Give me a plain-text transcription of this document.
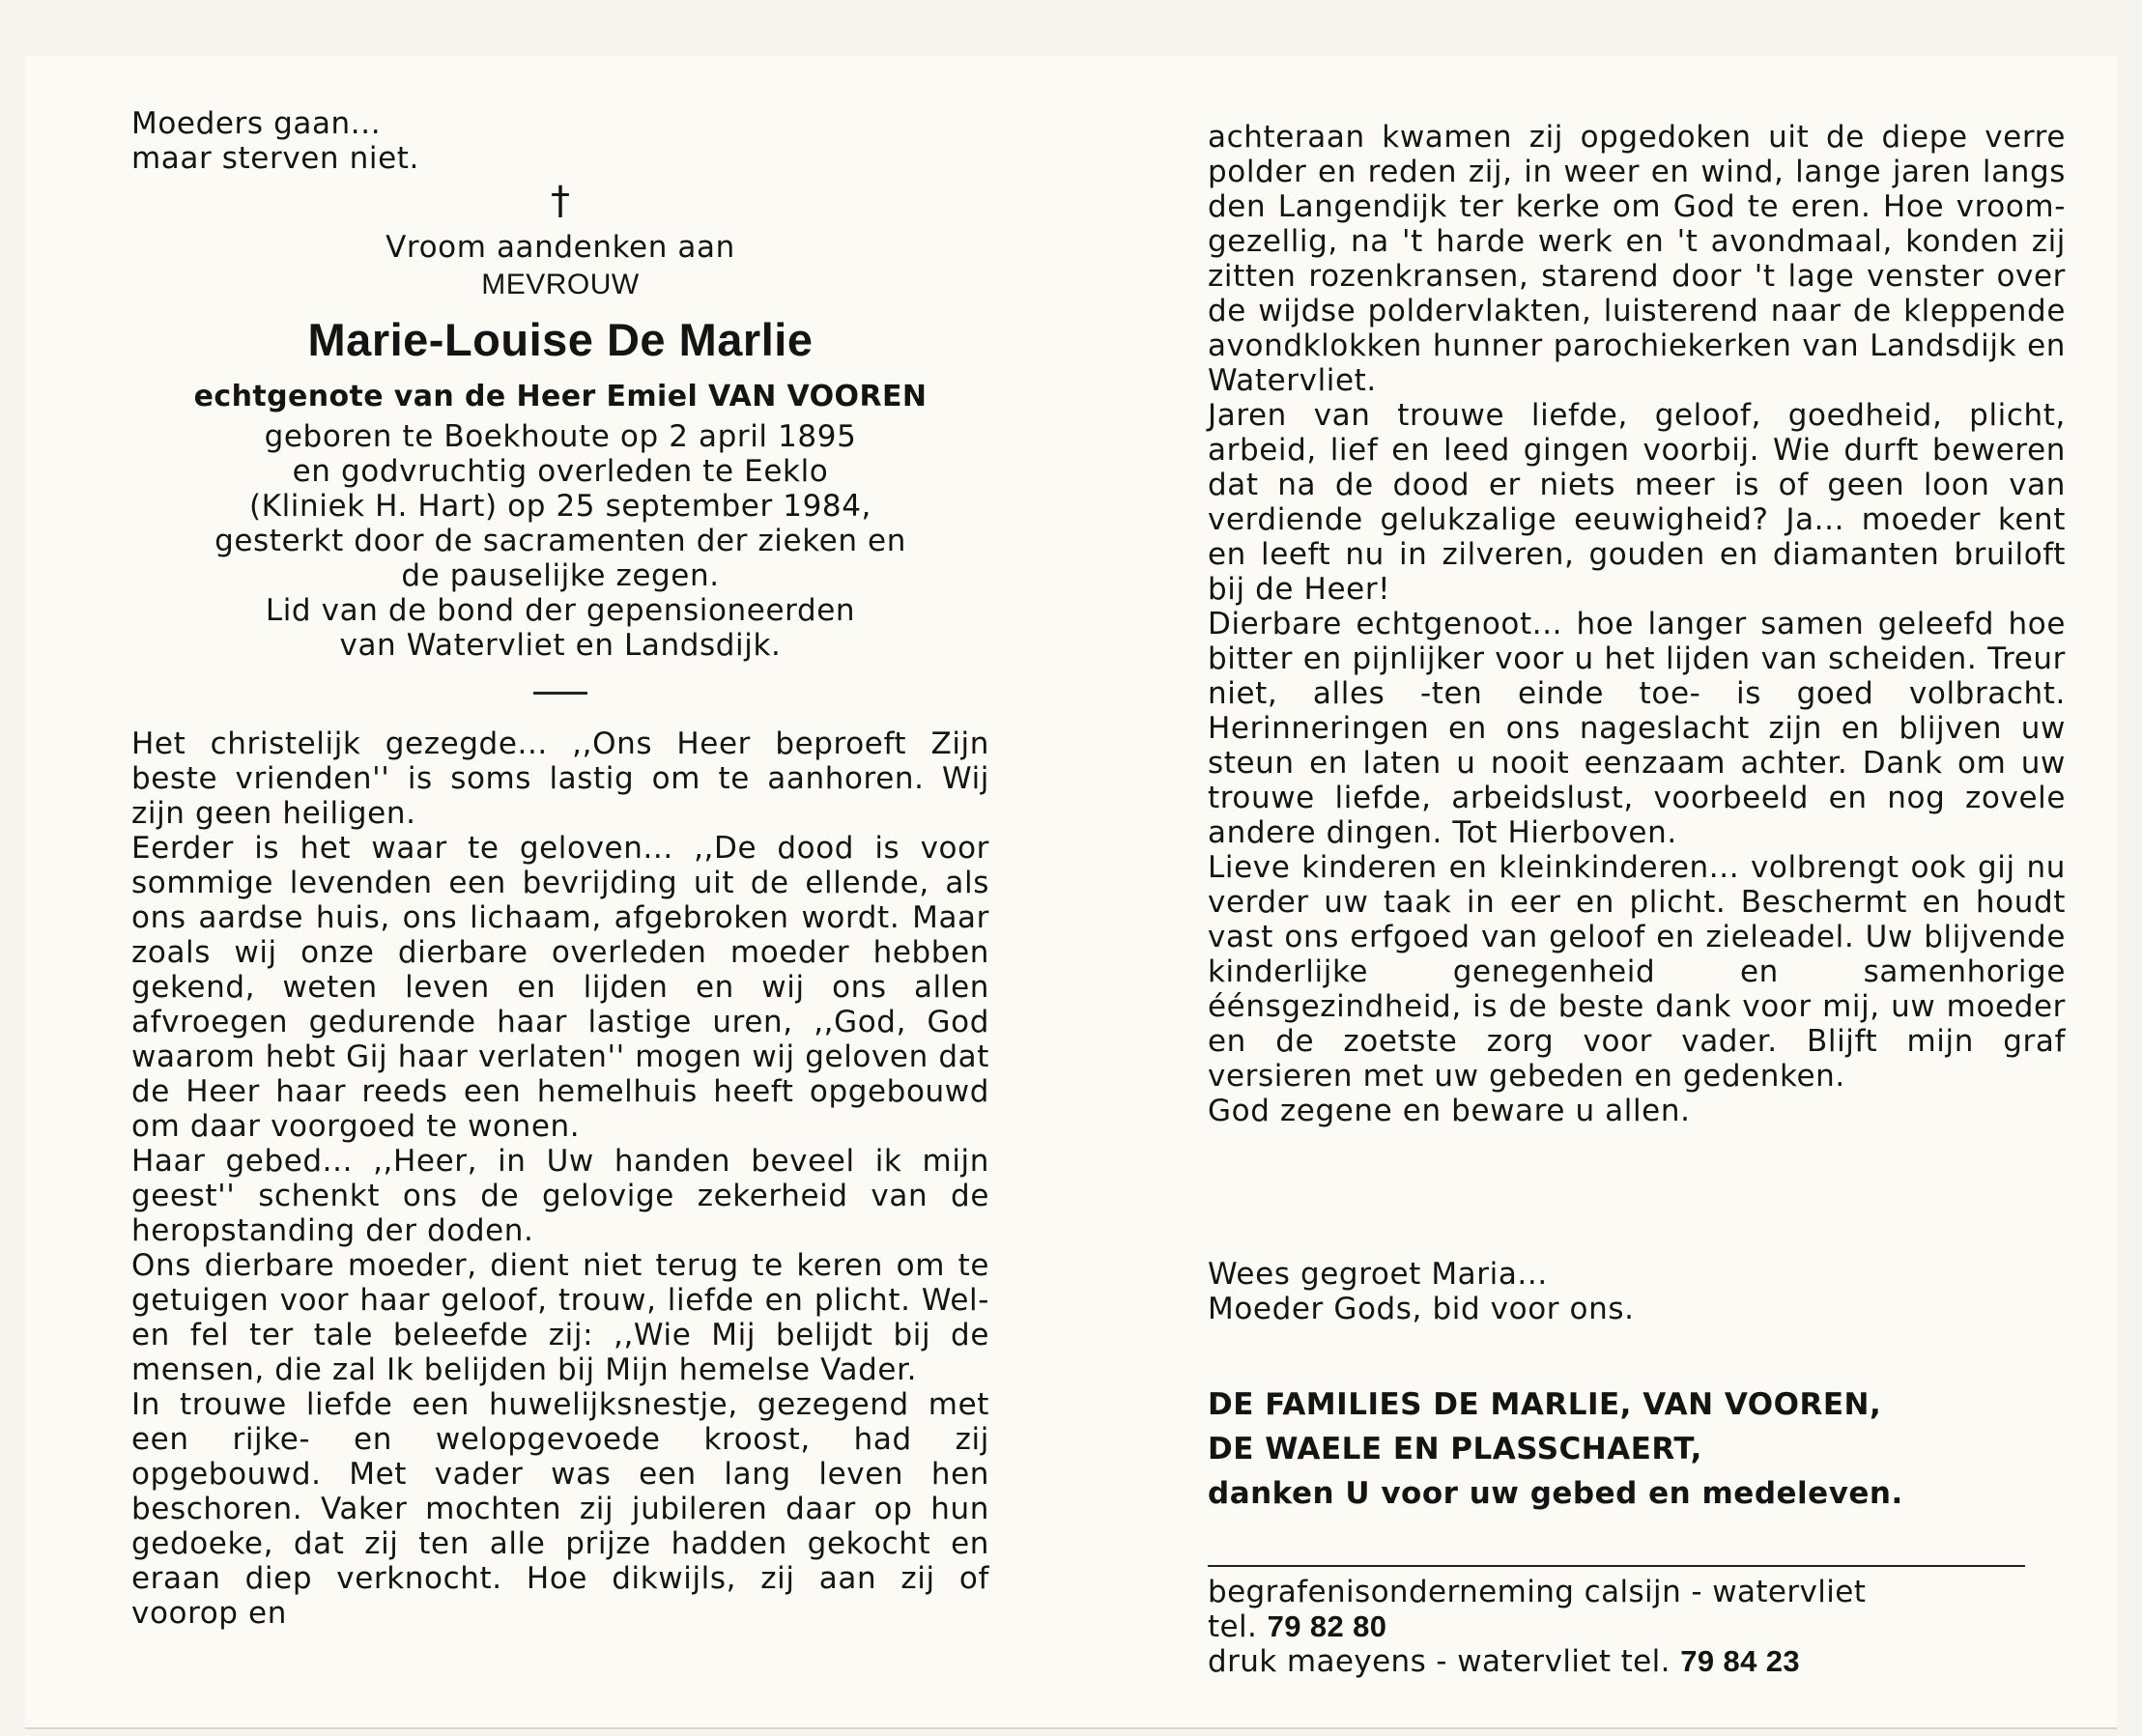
Moeders gaan...
maar sterven niet.
†
Vroom aandenken aan
MEVROUW
Marie-Louise De Marlie
echtgenote van de Heer Emiel VAN VOOREN
geboren te Boekhoute op 2 april 1895
en godvruchtig overleden te Eeklo
(Kliniek H. Hart) op 25 september 1984,
gesterkt door de sacramenten der zieken en
de pauselijke zegen.
Lid van de bond der gepensioneerden
van Watervliet en Landsdijk.

Het christelijk gezegde... ,,Ons Heer beproeft Zijn beste vrienden'' is soms lastig om te aanhoren. Wij zijn geen heiligen.

Eerder is het waar te geloven... ,,De dood is voor sommige levenden een bevrijding uit de ellende, als ons aardse huis, ons lichaam, afgebroken wordt. Maar zoals wij onze dierbare overleden moeder hebben gekend, weten leven en lijden en wij ons allen afvroegen gedurende haar lastige uren, ,,God, God waarom hebt Gij haar verlaten'' mogen wij geloven dat de Heer haar reeds een hemelhuis heeft opgebouwd om daar voorgoed te wonen.

Haar gebed... ,,Heer, in Uw handen beveel ik mijn geest'' schenkt ons de gelovige zekerheid van de heropstanding der doden.

Ons dierbare moeder, dient niet terug te keren om te getuigen voor haar geloof, trouw, liefde en plicht. Wel- en fel ter tale beleefde zij: ,,Wie Mij belijdt bij de mensen, die zal Ik belijden bij Mijn hemelse Vader.

In trouwe liefde een huwelijksnestje, gezegend met een rijke- en welopgevoede kroost, had zij opgebouwd. Met vader was een lang leven hen beschoren. Vaker mochten zij jubileren daar op hun gedoeke, dat zij ten alle prijze hadden gekocht en eraan diep verknocht. Hoe dikwijls, zij aan zij of voorop en

achteraan kwamen zij opgedoken uit de diepe verre polder en reden zij, in weer en wind, lange jaren langs den Langendijk ter kerke om God te eren. Hoe vroom-gezellig, na 't harde werk en 't avondmaal, konden zij zitten rozenkransen, starend door 't lage venster over de wijdse poldervlakten, luisterend naar de kleppende avondklokken hunner parochiekerken van Landsdijk en Watervliet.

Jaren van trouwe liefde, geloof, goedheid, plicht, arbeid, lief en leed gingen voorbij. Wie durft beweren dat na de dood er niets meer is of geen loon van verdiende gelukzalige eeuwigheid? Ja... moeder kent en leeft nu in zilveren, gouden en diamanten bruiloft bij de Heer!

Dierbare echtgenoot... hoe langer samen geleefd hoe bitter en pijnlijker voor u het lijden van scheiden. Treur niet, alles -ten einde toe- is goed volbracht. Herinneringen en ons nageslacht zijn en blijven uw steun en laten u nooit eenzaam achter. Dank om uw trouwe liefde, arbeidslust, voorbeeld en nog zovele andere dingen. Tot Hierboven.

Lieve kinderen en kleinkinderen... volbrengt ook gij nu verder uw taak in eer en plicht. Beschermt en houdt vast ons erfgoed van geloof en zieleadel. Uw blijvende kinderlijke genegenheid en samenhorige éénsgezindheid, is de beste dank voor mij, uw moeder en de zoetste zorg voor vader. Blijft mijn graf versieren met uw gebeden en gedenken.

God zegene en beware u allen.

Wees gegroet Maria...
Moeder Gods, bid voor ons.
DE FAMILIES DE MARLIE, VAN VOOREN,
DE WAELE EN PLASSCHAERT,
danken U voor uw gebed en medeleven.
begrafenisonderneming calsijn - watervliet
tel. 79 82 80
druk maeyens - watervliet tel. 79 84 23
